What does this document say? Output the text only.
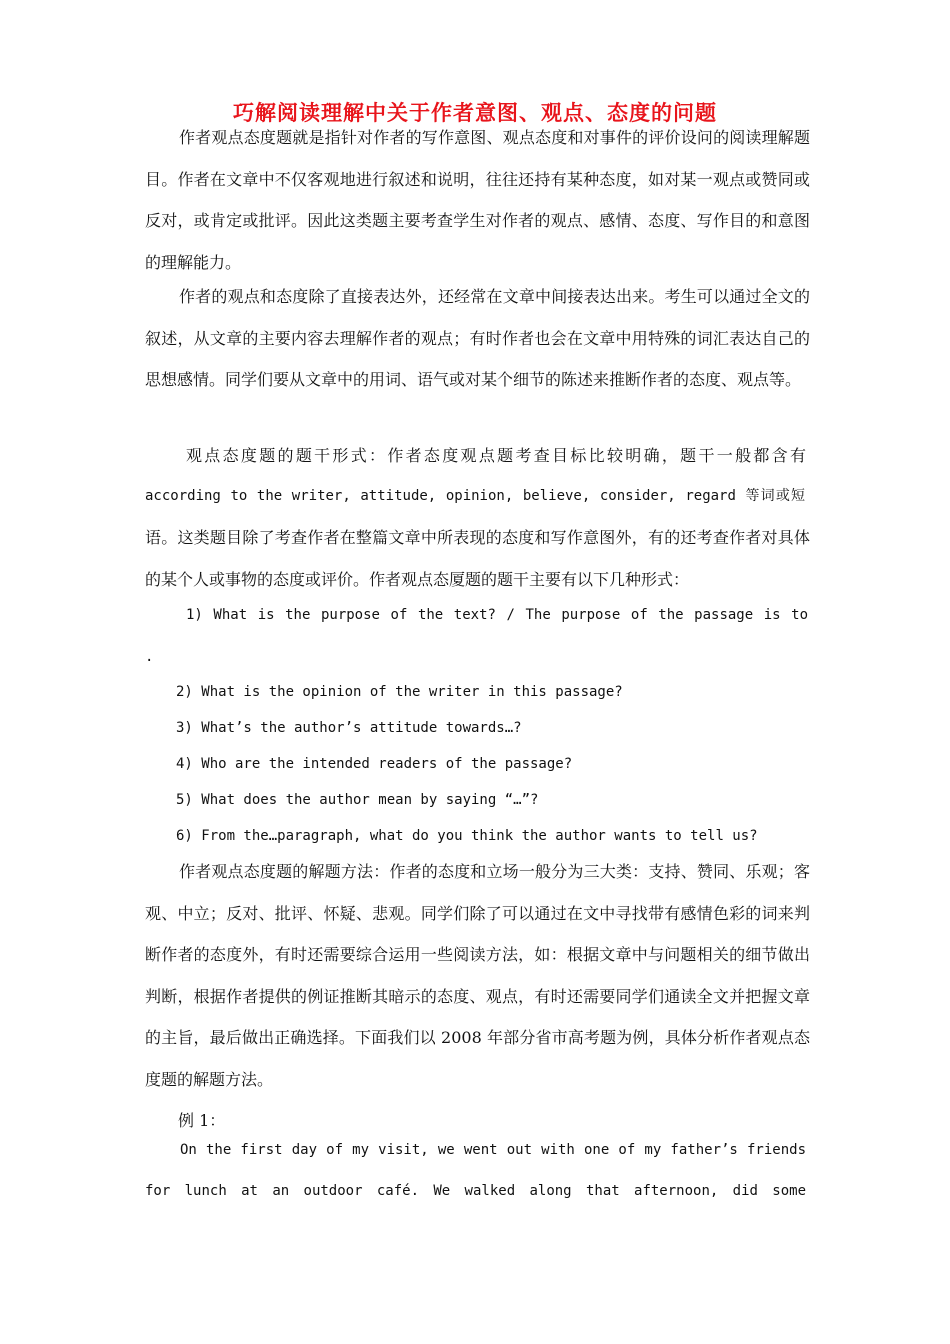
巧解阅读理解中关于作者意图、观点、态度的问题

作者观点态度题就是指针对作者的写作意图、观点态度和对事件的评价设问的阅读理解题目。作者在文章中不仅客观地进行叙述和说明，往往还持有某种态度，如对某一观点或赞同或反对，或肯定或批评。因此这类题主要考查学生对作者的观点、感情、态度、写作目的和意图的理解能力。

作者的观点和态度除了直接表达外，还经常在文章中间接表达出来。考生可以通过全文的叙述，从文章的主要内容去理解作者的观点；有时作者也会在文章中用特殊的词汇表达自己的思想感情。同学们要从文章中的用词、语气或对某个细节的陈述来推断作者的态度、观点等。

观点态度题的题干形式：作者态度观点题考查目标比较明确，题干一般都含有
according to the writer, attitude, opinion, believe, consider, regard 等词或短

语。这类题目除了考查作者在整篇文章中所表现的态度和写作意图外，有的还考查作者对具体的某个人或事物的态度或评价。作者观点态厦题的题干主要有以下几种形式：

1) What is the purpose of the text? / The purpose of the passage is to
.
2) What is the opinion of the writer in this passage?
3) What’s the author’s attitude towards…?
4) Who are the intended readers of the passage?
5) What does the author mean by saying “…”?
6) From the…paragraph, what do you think the author wants to tell us?

作者观点态度题的解题方法：作者的态度和立场一般分为三大类：支持、赞同、乐观；客观、中立；反对、批评、怀疑、悲观。同学们除了可以通过在文中寻找带有感情色彩的词来判断作者的态度外，有时还需要综合运用一些阅读方法，如：根据文章中与问题相关的细节做出判断，根据作者提供的例证推断其暗示的态度、观点，有时还需要同学们通读全文并把握文章的主旨，最后做出正确选择。下面我们以 2008 年部分省市高考题为例，具体分析作者观点态度题的解题方法。

例 1：
On the first day of my visit, we went out with one of my father’s friends
for lunch at an outdoor café. We walked along that afternoon, did some
